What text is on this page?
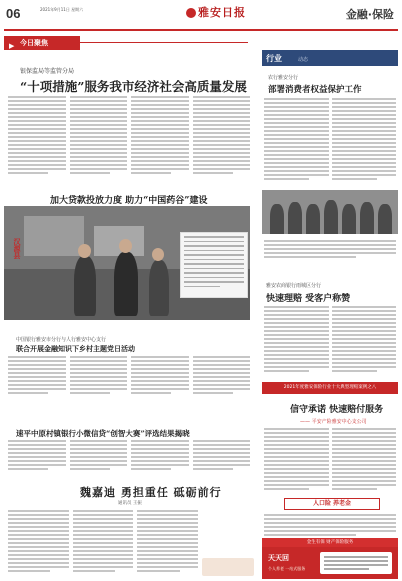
06	2021年9月11日 星期六	雅安日报	金融·保险
▶ 今日聚焦
银保监局等监管分局
“十项措施”服务我市经济社会高质量发展
加大贷款投放力度 助力“中国药谷”建设
汉源县
中国银行雅安市分行与人行雅安中心支行
联合开展金融知识下乡村主题党日活动
速平中原村镇银行小微信贷“创智大赛”评选结果揭晓
魏嘉迪 勇担重任 砥砺前行
通讯员 王振
行业	动态
农行雅安分行
部署消费者权益保护工作
雅安农商银行雨城区分行
快速理赔 受客户称赞
2021年度雅安保险行业十大典型理赔案例之八
信守承诺 快速赔付服务
—— 平安产险雅安中心支公司
人口险 养老金
金生有保 财产保险服务
天天回
个人养老 一站式服务
